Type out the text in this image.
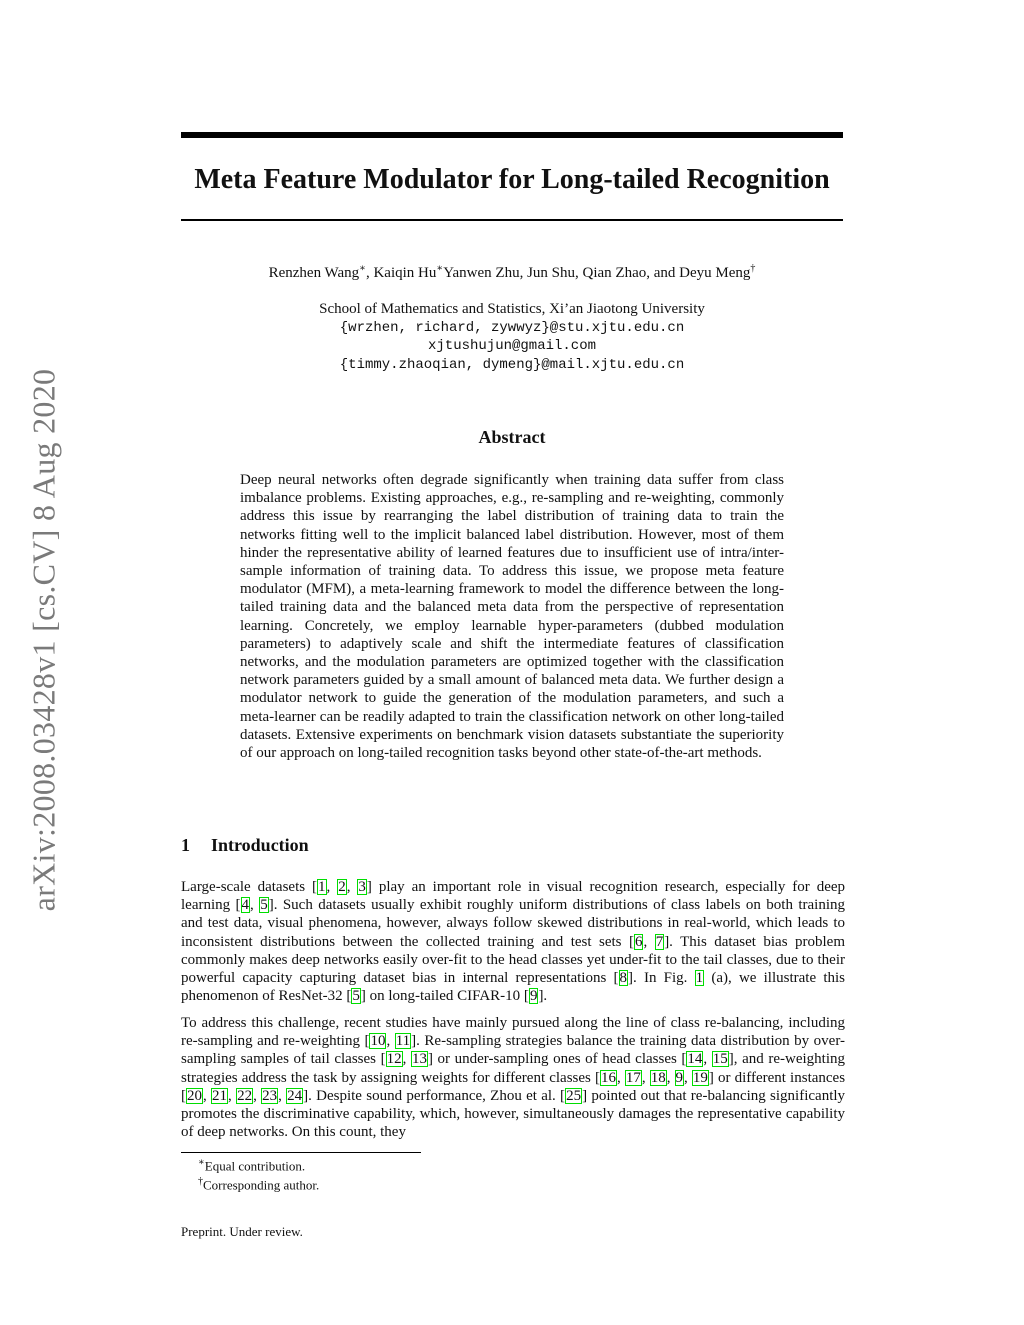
arXiv:2008.03428v1 [cs.CV] 8 Aug 2020
Meta Feature Modulator for Long-tailed Recognition
Renzhen Wang∗, Kaiqin Hu∗Yanwen Zhu, Jun Shu, Qian Zhao, and Deyu Meng†
School of Mathematics and Statistics, Xi’an Jiaotong University
{wrzhen, richard, zywwyz}@stu.xjtu.edu.cn
xjtushujun@gmail.com
{timmy.zhaoqian, dymeng}@mail.xjtu.edu.cn
Abstract
Deep neural networks often degrade significantly when training data suffer from class imbalance problems. Existing approaches, e.g., re-sampling and re-weighting, commonly address this issue by rearranging the label distribution of training data to train the networks fitting well to the implicit balanced label distribution. However, most of them hinder the representative ability of learned features due to insufficient use of intra/inter-sample information of training data. To address this issue, we propose meta feature modulator (MFM), a meta-learning framework to model the difference between the long-tailed training data and the balanced meta data from the perspective of representation learning. Concretely, we employ learnable hyper-parameters (dubbed modulation parameters) to adaptively scale and shift the intermediate features of classification networks, and the modulation parameters are optimized together with the classification network parameters guided by a small amount of balanced meta data. We further design a modulator network to guide the generation of the modulation parameters, and such a meta-learner can be readily adapted to train the classification network on other long-tailed datasets. Extensive experiments on benchmark vision datasets substantiate the superiority of our approach on long-tailed recognition tasks beyond other state-of-the-art methods.
1 Introduction
Large-scale datasets [1, 2, 3] play an important role in visual recognition research, especially for deep learning [4, 5]. Such datasets usually exhibit roughly uniform distributions of class labels on both training and test data, visual phenomena, however, always follow skewed distributions in real-world, which leads to inconsistent distributions between the collected training and test sets [6, 7]. This dataset bias problem commonly makes deep networks easily over-fit to the head classes yet under-fit to the tail classes, due to their powerful capacity capturing dataset bias in internal representations [8]. In Fig. 1 (a), we illustrate this phenomenon of ResNet-32 [5] on long-tailed CIFAR-10 [9].
To address this challenge, recent studies have mainly pursued along the line of class re-balancing, including re-sampling and re-weighting [10, 11]. Re-sampling strategies balance the training data distribution by over-sampling samples of tail classes [12, 13] or under-sampling ones of head classes [14, 15], and re-weighting strategies address the task by assigning weights for different classes [16, 17, 18, 9, 19] or different instances [20, 21, 22, 23, 24]. Despite sound performance, Zhou et al. [25] pointed out that re-balancing significantly promotes the discriminative capability, which, however, simultaneously damages the representative capability of deep networks. On this count, they
∗Equal contribution.
†Corresponding author.
Preprint. Under review.
